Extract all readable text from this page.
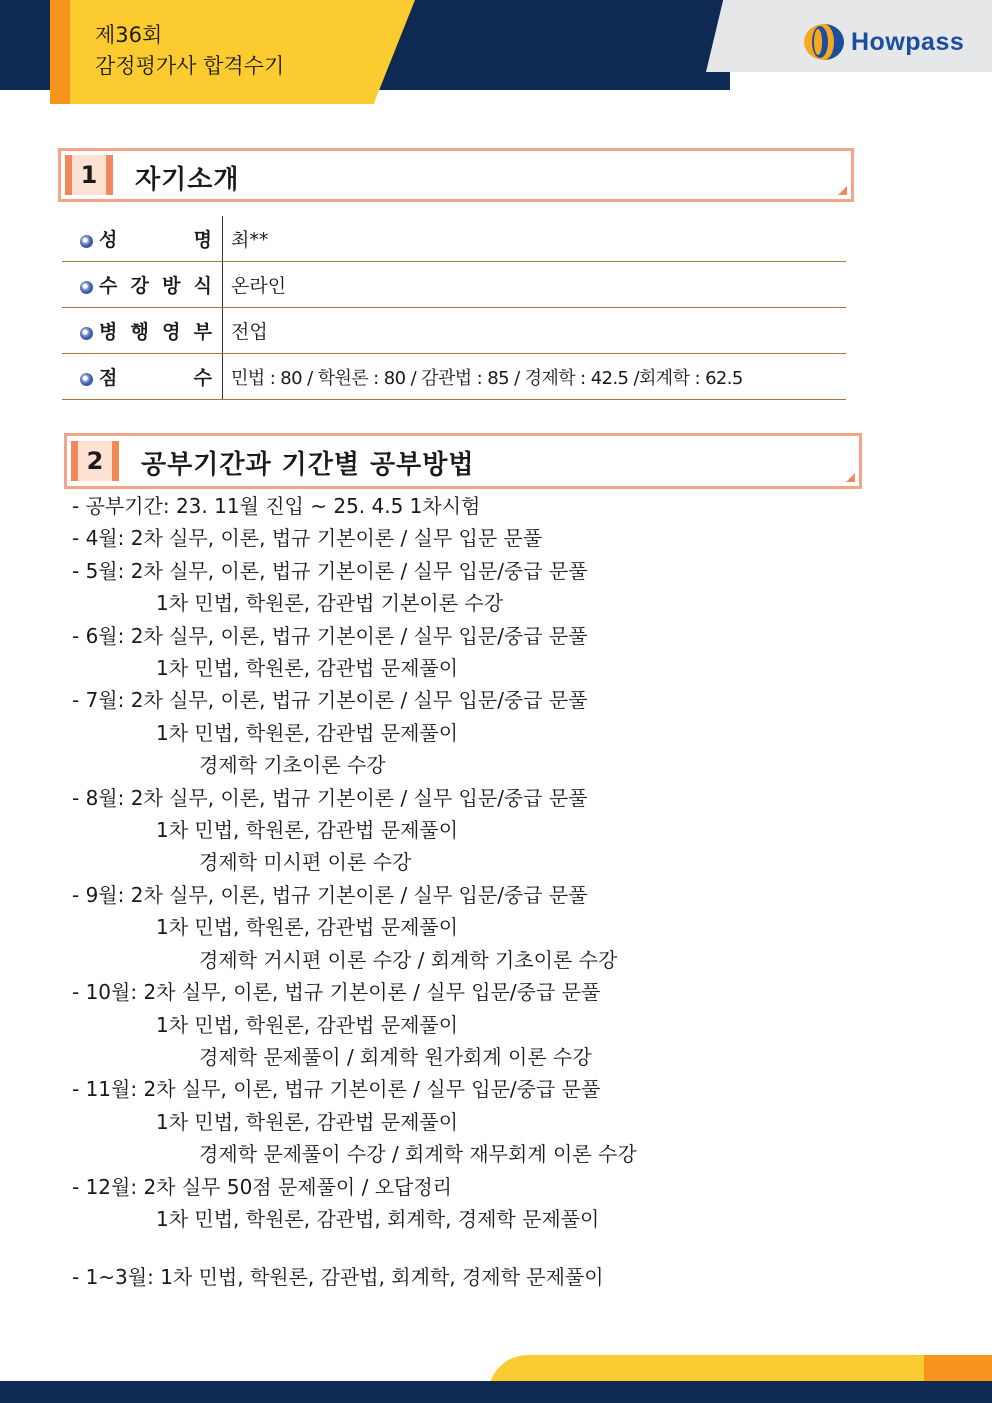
제36회
감정평가사 합격수기
Howpass
1	자기소개
성	명	최**
수 강 방 식	온라인
병 행 영 부	전업
점	수	민법 : 80 / 학원론 : 80 / 감관법 : 85 / 경제학 : 42.5 /회계학 : 62.5
2	공부기간과 기간별 공부방법
- 공부기간: 23. 11월 진입 ~ 25. 4.5 1차시험
- 4월: 2차 실무, 이론, 법규 기본이론 / 실무 입문 문풀
- 5월: 2차 실무, 이론, 법규 기본이론 / 실무 입문/중급 문풀
1차 민법, 학원론, 감관법 기본이론 수강
- 6월: 2차 실무, 이론, 법규 기본이론 / 실무 입문/중급 문풀
1차 민법, 학원론, 감관법 문제풀이
- 7월: 2차 실무, 이론, 법규 기본이론 / 실무 입문/중급 문풀
1차 민법, 학원론, 감관법 문제풀이
경제학 기초이론 수강
- 8월: 2차 실무, 이론, 법규 기본이론 / 실무 입문/중급 문풀
1차 민법, 학원론, 감관법 문제풀이
경제학 미시편 이론 수강
- 9월: 2차 실무, 이론, 법규 기본이론 / 실무 입문/중급 문풀
1차 민법, 학원론, 감관법 문제풀이
경제학 거시편 이론 수강 / 회계학 기초이론 수강
- 10월: 2차 실무, 이론, 법규 기본이론 / 실무 입문/중급 문풀
1차 민법, 학원론, 감관법 문제풀이
경제학 문제풀이 / 회계학 원가회계 이론 수강
- 11월: 2차 실무, 이론, 법규 기본이론 / 실무 입문/중급 문풀
1차 민법, 학원론, 감관법 문제풀이
경제학 문제풀이 수강 / 회계학 재무회계 이론 수강
- 12월: 2차 실무 50점 문제풀이 / 오답정리
1차 민법, 학원론, 감관법, 회계학, 경제학 문제풀이
- 1~3월: 1차 민법, 학원론, 감관법, 회계학, 경제학 문제풀이
